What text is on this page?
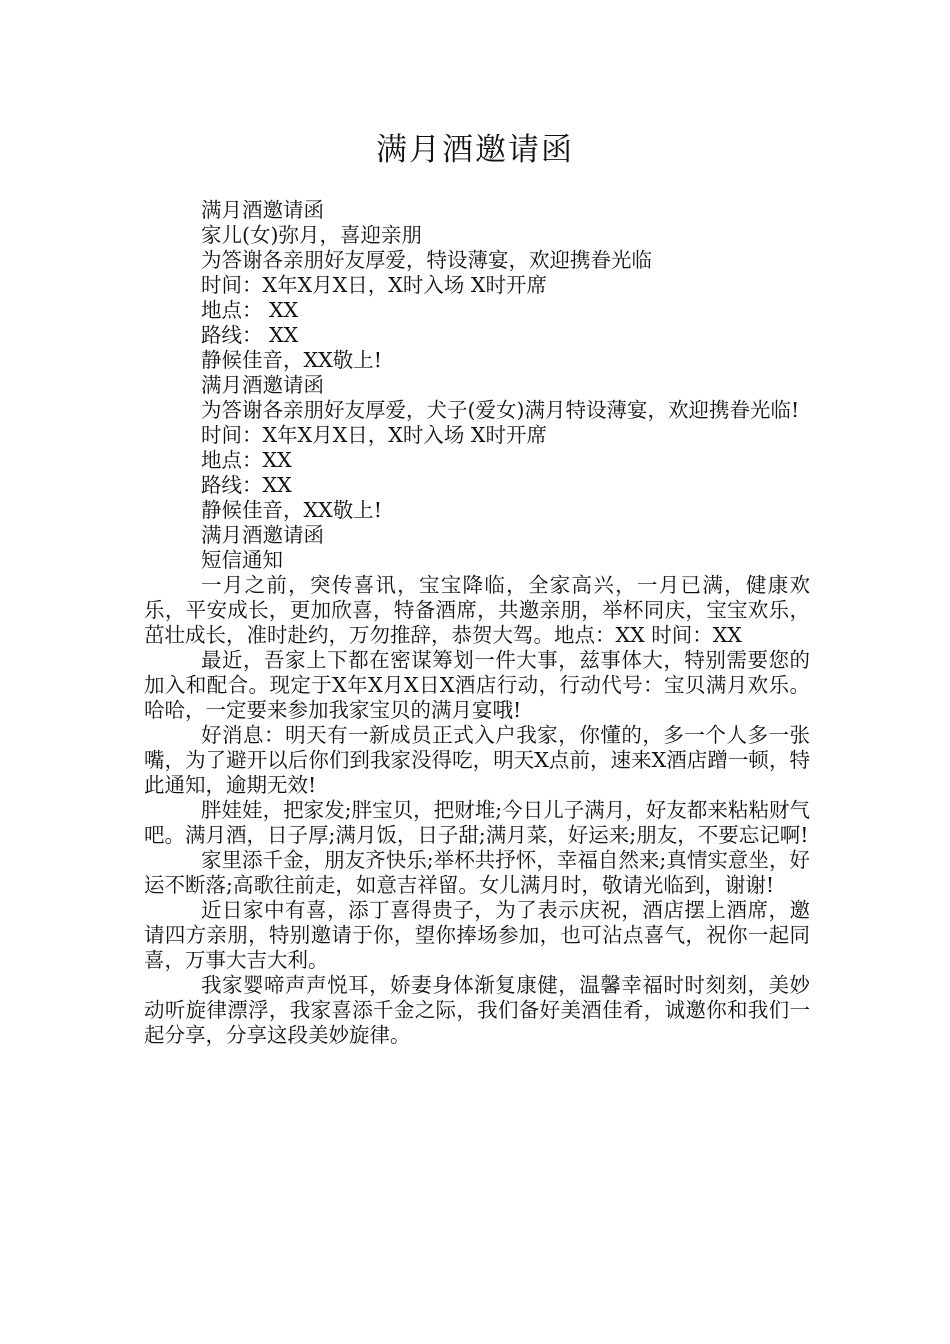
满月酒邀请函

满月酒邀请函

家儿(女)弥月，喜迎亲朋

为答谢各亲朋好友厚爱，特设薄宴，欢迎携眷光临

时间：X年X月X日，X时入场 X时开席

地点： XX

路线： XX

静候佳音，XX敬上!

满月酒邀请函

为答谢各亲朋好友厚爱，犬子(爱女)满月特设薄宴，欢迎携眷光临!

时间：X年X月X日，X时入场 X时开席

地点：XX

路线：XX

静候佳音，XX敬上!

满月酒邀请函

短信通知

一月之前，突传喜讯，宝宝降临，全家高兴，一月已满，健康欢乐，平安成长，更加欣喜，特备酒席，共邀亲朋，举杯同庆，宝宝欢乐，茁壮成长，准时赴约，万勿推辞，恭贺大驾。地点：XX 时间：XX

最近，吾家上下都在密谋筹划一件大事，兹事体大，特别需要您的加入和配合。现定于X年X月X日X酒店行动，行动代号：宝贝满月欢乐。哈哈，一定要来参加我家宝贝的满月宴哦!

好消息：明天有一新成员正式入户我家，你懂的，多一个人多一张嘴，为了避开以后你们到我家没得吃，明天X点前，速来X酒店蹭一顿，特此通知，逾期无效!

胖娃娃，把家发;胖宝贝，把财堆;今日儿子满月，好友都来粘粘财气吧。满月酒，日子厚;满月饭，日子甜;满月菜，好运来;朋友，不要忘记啊!

家里添千金，朋友齐快乐;举杯共抒怀，幸福自然来;真情实意坐，好运不断落;高歌往前走，如意吉祥留。女儿满月时，敬请光临到，谢谢!

近日家中有喜，添丁喜得贵子，为了表示庆祝，酒店摆上酒席，邀请四方亲朋，特别邀请于你，望你捧场参加，也可沾点喜气，祝你一起同喜，万事大吉大利。

我家婴啼声声悦耳，娇妻身体渐复康健，温馨幸福时时刻刻，美妙动听旋律漂浮，我家喜添千金之际，我们备好美酒佳肴，诚邀你和我们一起分享，分享这段美妙旋律。
